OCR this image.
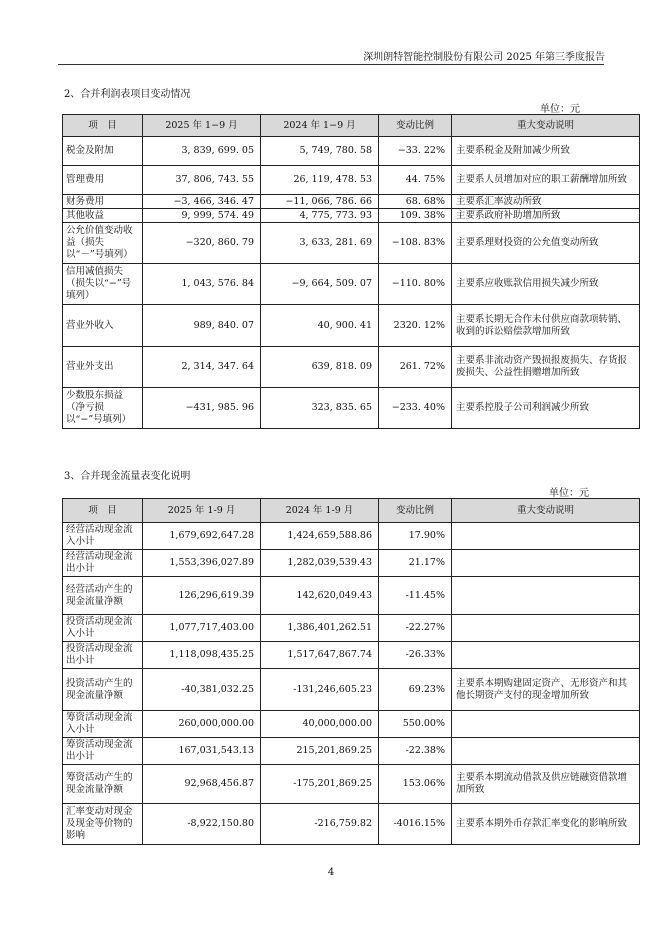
深圳朗特智能控制股份有限公司 2025 年第三季度报告
2、合并利润表项目变动情况
单位：元
项　目	2025 年 1−9 月	2024 年 1−9 月	变动比例	重大变动说明
税金及附加	3, 839, 699. 05	5, 749, 780. 58	−33. 22%	主要系税金及附加减少所致
管理费用	37, 806, 743. 55	26, 119, 478. 53	44. 75%	主要系人员增加对应的职工薪酬增加所致
财务费用	−3, 466, 346. 47	−11, 066, 786. 66	68. 68%	主要系汇率波动所致
其他收益	9, 999, 574. 49	4, 775, 773. 93	109. 38%	主要系政府补助增加所致
公允价值变动收益（损失以“－”号填列）	−320, 860. 79	3, 633, 281. 69	−108. 83%	主要系理财投资的公允值变动所致
信用减值损失（损失以“−”号填列）	1, 043, 576. 84	−9, 664, 509. 07	−110. 80%	主要系应收账款信用损失减少所致
营业外收入	989, 840. 07	40, 900. 41	2320. 12%	主要系长期无合作未付供应商款项转销、收到的诉讼赔偿款增加所致
营业外支出	2, 314, 347. 64	639, 818. 09	261. 72%	主要系非流动资产毁损报废损失、存货报废损失、公益性捐赠增加所致
少数股东损益（净亏损以“−”号填列）	−431, 985. 96	323, 835. 65	−233. 40%	主要系控股子公司利润减少所致
3、合并现金流量表变化说明
单位：元
项　目	2025 年 1-9 月	2024 年 1-9 月	变动比例	重大变动说明
经营活动现金流入小计	1,679,692,647.28	1,424,659,588.86	17.90%	
经营活动现金流出小计	1,553,396,027.89	1,282,039,539.43	21.17%	
经营活动产生的现金流量净额	126,296,619.39	142,620,049.43	-11.45%	
投资活动现金流入小计	1,077,717,403.00	1,386,401,262.51	-22.27%	
投资活动现金流出小计	1,118,098,435.25	1,517,647,867.74	-26.33%	
投资活动产生的现金流量净额	-40,381,032.25	-131,246,605.23	69.23%	主要系本期购建固定资产、无形资产和其他长期资产支付的现金增加所致
筹资活动现金流入小计	260,000,000.00	40,000,000.00	550.00%	
筹资活动现金流出小计	167,031,543.13	215,201,869.25	-22.38%	
筹资活动产生的现金流量净额	92,968,456.87	-175,201,869.25	153.06%	主要系本期流动借款及供应链融资借款增加所致
汇率变动对现金及现金等价物的影响	-8,922,150.80	-216,759.82	-4016.15%	主要系本期外币存款汇率变化的影响所致
4
